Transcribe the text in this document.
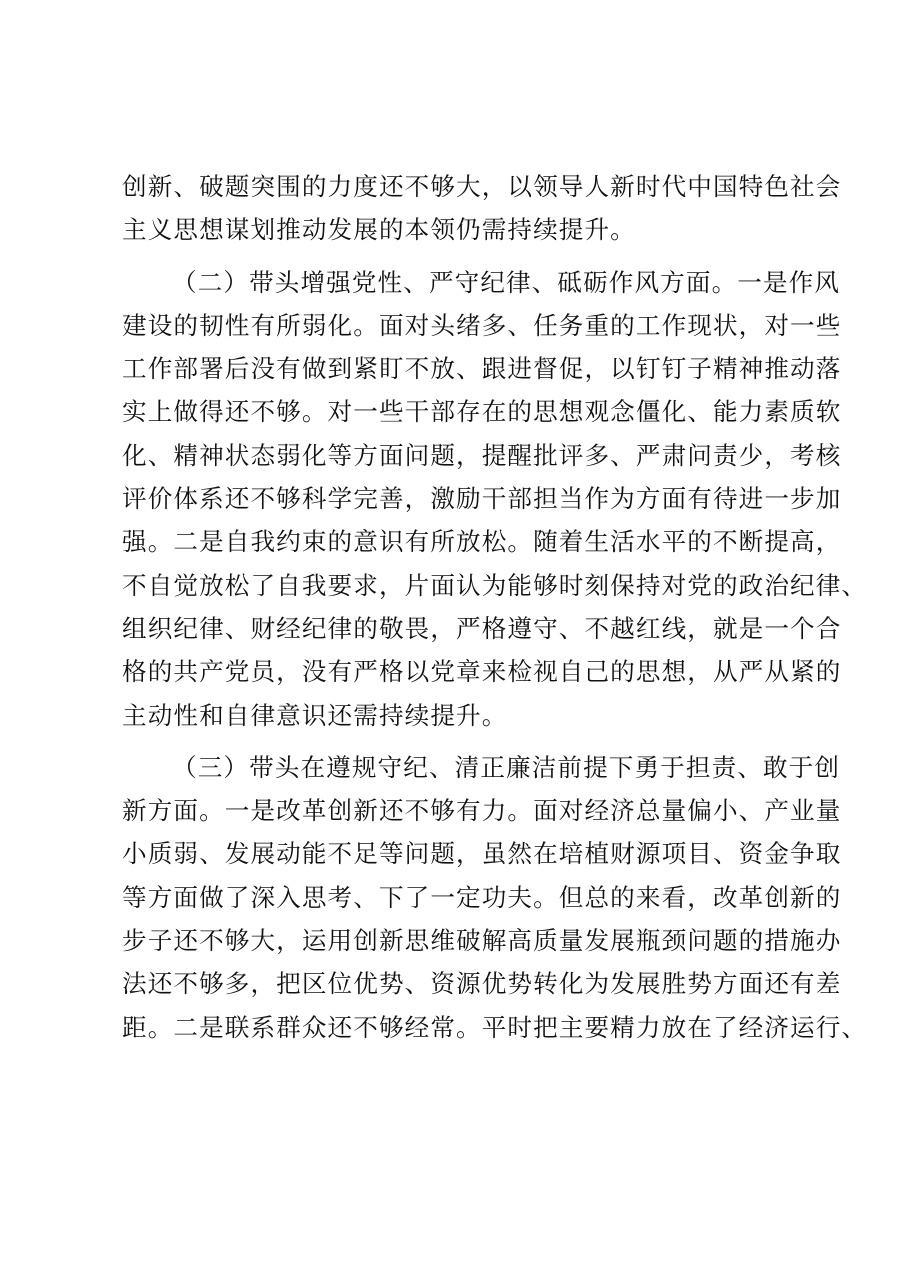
创新、破题突围的力度还不够大，以领导人新时代中国特色社会
主义思想谋划推动发展的本领仍需持续提升。
（二）带头增强党性、严守纪律、砥砺作风方面。一是作风
建设的韧性有所弱化。面对头绪多、任务重的工作现状，对一些
工作部署后没有做到紧盯不放、跟进督促，以钉钉子精神推动落
实上做得还不够。对一些干部存在的思想观念僵化、能力素质软
化、精神状态弱化等方面问题，提醒批评多、严肃问责少，考核
评价体系还不够科学完善，激励干部担当作为方面有待进一步加
强。二是自我约束的意识有所放松。随着生活水平的不断提高，
不自觉放松了自我要求，片面认为能够时刻保持对党的政治纪律、
组织纪律、财经纪律的敬畏，严格遵守、不越红线，就是一个合
格的共产党员，没有严格以党章来检视自己的思想，从严从紧的
主动性和自律意识还需持续提升。
（三）带头在遵规守纪、清正廉洁前提下勇于担责、敢于创
新方面。一是改革创新还不够有力。面对经济总量偏小、产业量
小质弱、发展动能不足等问题，虽然在培植财源项目、资金争取
等方面做了深入思考、下了一定功夫。但总的来看，改革创新的
步子还不够大，运用创新思维破解高质量发展瓶颈问题的措施办
法还不够多，把区位优势、资源优势转化为发展胜势方面还有差
距。二是联系群众还不够经常。平时把主要精力放在了经济运行、
